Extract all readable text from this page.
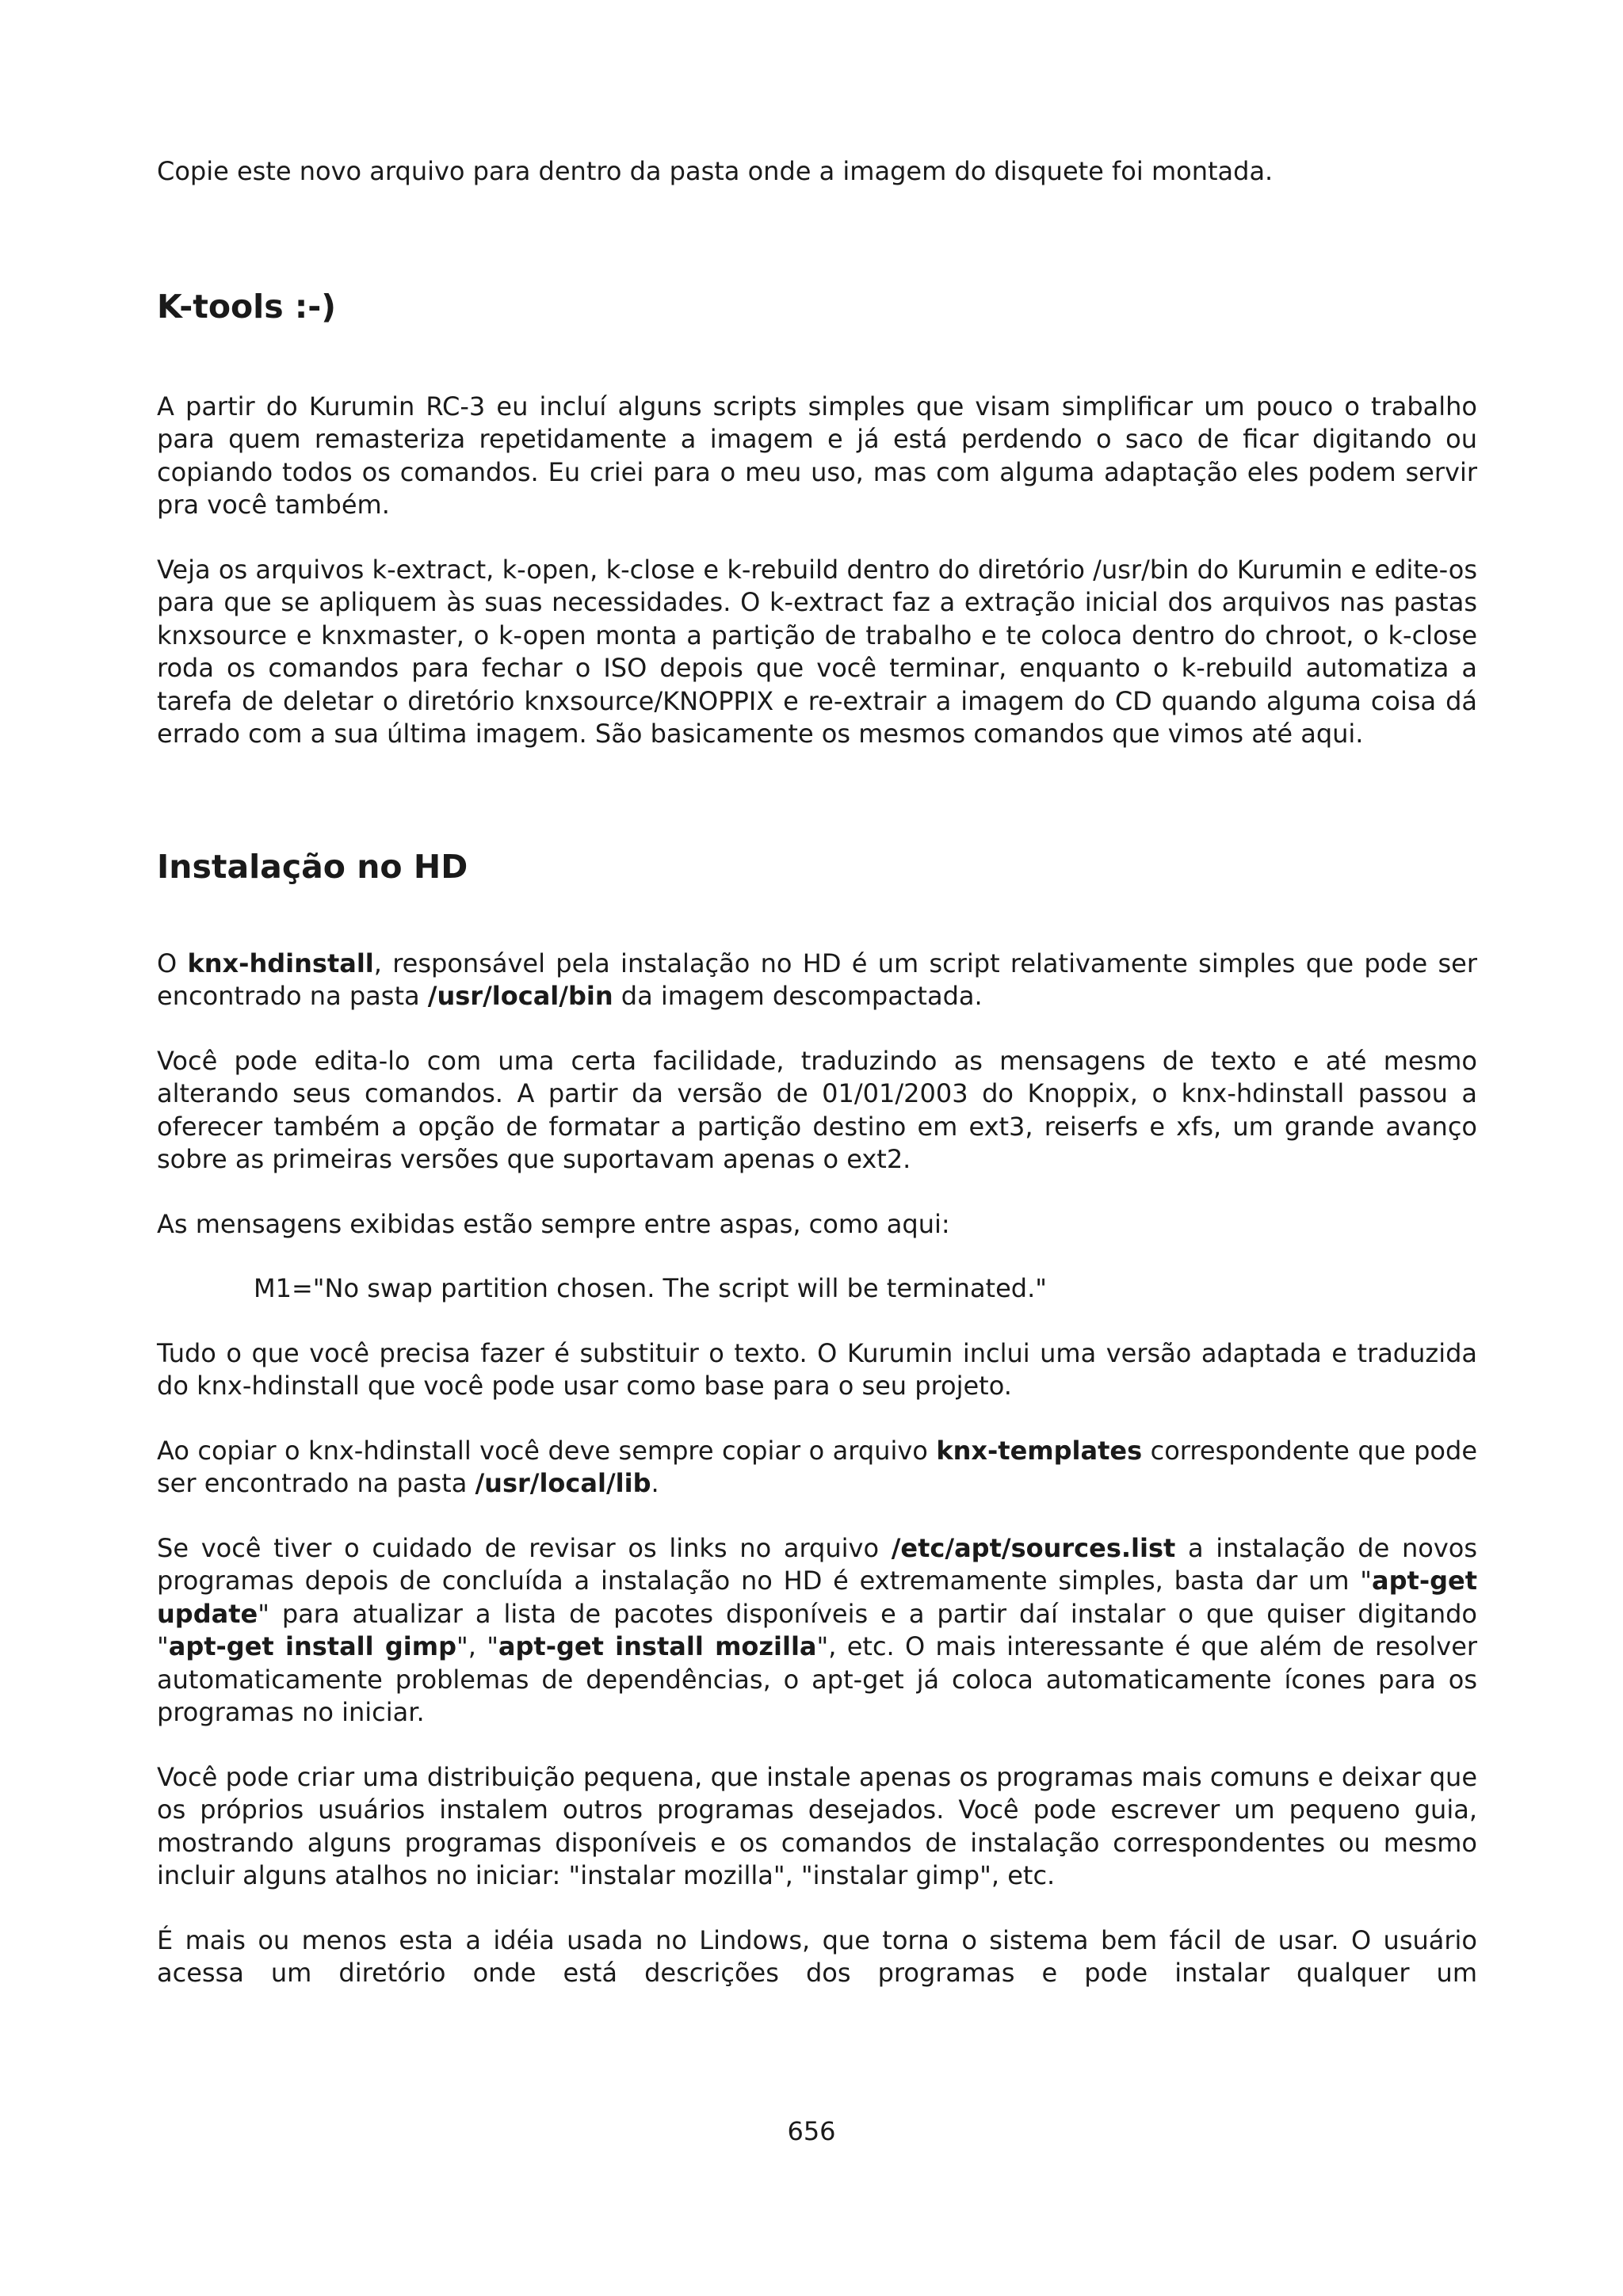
Copie este novo arquivo para dentro da pasta onde a imagem do disquete foi montada.

K-tools :-)

A partir do Kurumin RC-3 eu incluí alguns scripts simples que visam simplificar um pouco o trabalho para quem remasteriza repetidamente a imagem e já está perdendo o saco de ficar digitando ou copiando todos os comandos. Eu criei para o meu uso, mas com alguma adaptação eles podem servir pra você também.

Veja os arquivos k-extract, k-open, k-close e k-rebuild dentro do diretório /usr/bin do Kurumin e edite-os para que se apliquem às suas necessidades. O k-extract faz a extração inicial dos arquivos nas pastas knxsource e knxmaster, o k-open monta a partição de trabalho e te coloca dentro do chroot, o k-close roda os comandos para fechar o ISO depois que você terminar, enquanto o k-rebuild automatiza a tarefa de deletar o diretório knxsource/KNOPPIX e re-extrair a imagem do CD quando alguma coisa dá errado com a sua última imagem. São basicamente os mesmos comandos que vimos até aqui.

Instalação no HD

O knx-hdinstall, responsável pela instalação no HD é um script relativamente simples que pode ser encontrado na pasta /usr/local/bin da imagem descompactada.

Você pode edita-lo com uma certa facilidade, traduzindo as mensagens de texto e até mesmo alterando seus comandos. A partir da versão de 01/01/2003 do Knoppix, o knx-hdinstall passou a oferecer também a opção de formatar a partição destino em ext3, reiserfs e xfs, um grande avanço sobre as primeiras versões que suportavam apenas o ext2.

As mensagens exibidas estão sempre entre aspas, como aqui:

M1="No swap partition chosen. The script will be terminated."

Tudo o que você precisa fazer é substituir o texto. O Kurumin inclui uma versão adaptada e traduzida do knx-hdinstall que você pode usar como base para o seu projeto.

Ao copiar o knx-hdinstall você deve sempre copiar o arquivo knx-templates correspondente que pode ser encontrado na pasta /usr/local/lib.

Se você tiver o cuidado de revisar os links no arquivo /etc/apt/sources.list a instalação de novos programas depois de concluída a instalação no HD é extremamente simples, basta dar um "apt-get update" para atualizar a lista de pacotes disponíveis e a partir daí instalar o que quiser digitando "apt-get install gimp", "apt-get install mozilla", etc. O mais interessante é que além de resolver automaticamente problemas de dependências, o apt-get já coloca automaticamente ícones para os programas no iniciar.

Você pode criar uma distribuição pequena, que instale apenas os programas mais comuns e deixar que os próprios usuários instalem outros programas desejados. Você pode escrever um pequeno guia, mostrando alguns programas disponíveis e os comandos de instalação correspondentes ou mesmo incluir alguns atalhos no iniciar: "instalar mozilla", "instalar gimp", etc.

É mais ou menos esta a idéia usada no Lindows, que torna o sistema bem fácil de usar. O usuário acessa um diretório onde está descrições dos programas e pode instalar qualquer um

656
